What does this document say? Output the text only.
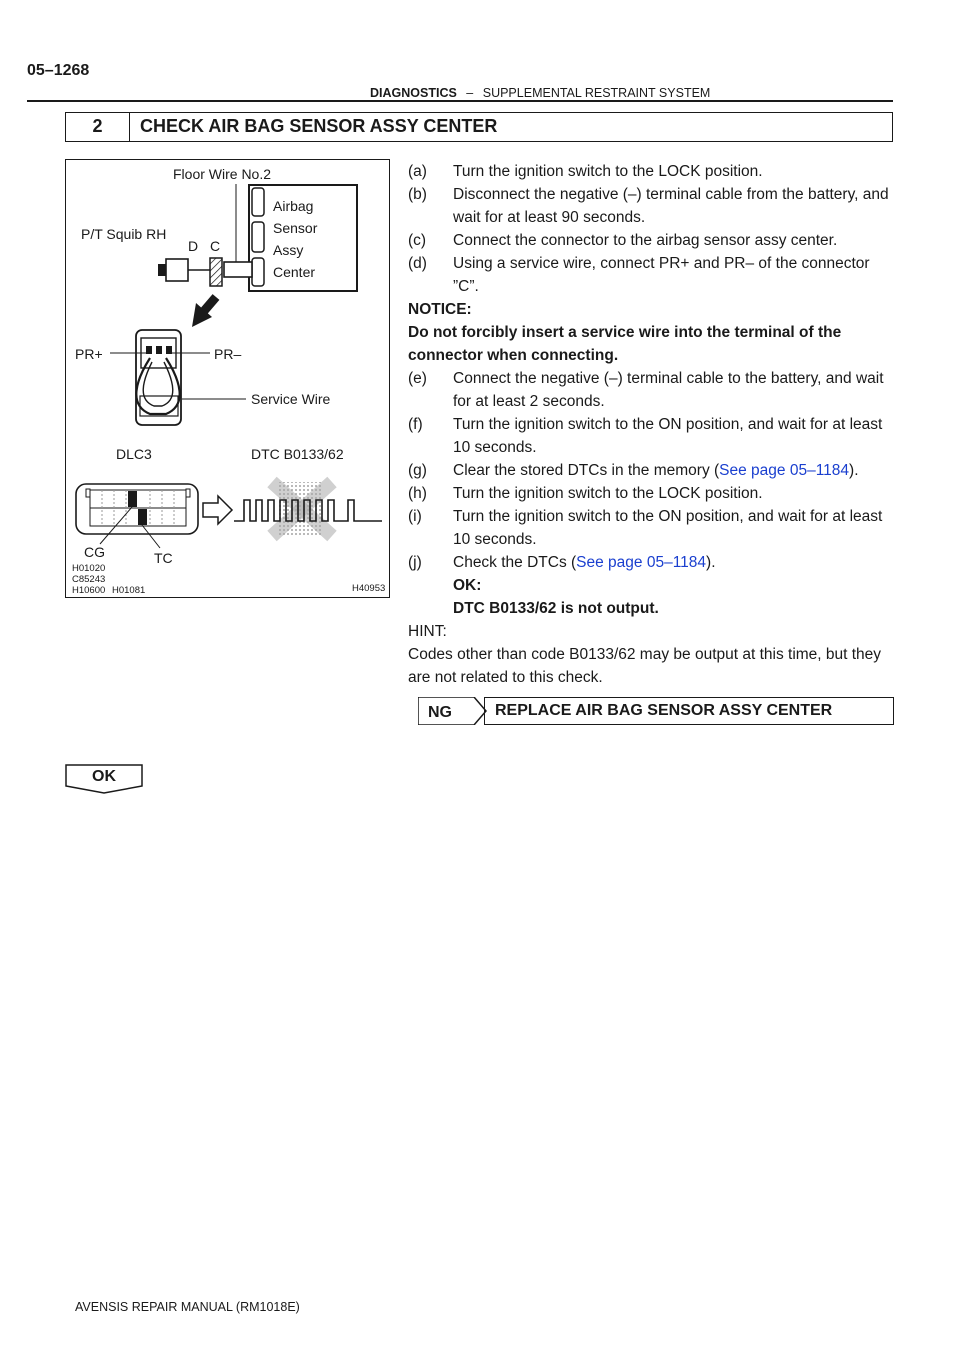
05–1268
DIAGNOSTICS – SUPPLEMENTAL RESTRAINT SYSTEM
2	CHECK AIR BAG SENSOR ASSY CENTER
Floor Wire No.2
Airbag
Sensor
Assy
Center
P/T Squib RH
D C
PR+	PR–
Service Wire
DLC3	DTC B0133/62
CG	TC
H01020
C85243
H10600 H01081	H40953
(a) Turn the ignition switch to the LOCK position.
(b) Disconnect the negative (–) terminal cable from the battery, and wait for at least 90 seconds.
(c) Connect the connector to the airbag sensor assy center.
(d) Using a service wire, connect PR+ and PR– of the connector ”C”.
NOTICE:
Do not forcibly insert a service wire into the terminal of the connector when connecting.
(e) Connect the negative (–) terminal cable to the battery, and wait for at least 2 seconds.
(f) Turn the ignition switch to the ON position, and wait for at least 10 seconds.
(g) Clear the stored DTCs in the memory (See page 05–1184).
(h) Turn the ignition switch to the LOCK position.
(i) Turn the ignition switch to the ON position, and wait for at least 10 seconds.
(j) Check the DTCs (See page 05–1184).
OK:
DTC B0133/62 is not output.
HINT:
Codes other than code B0133/62 may be output at this time, but they are not related to this check.
NG	REPLACE AIR BAG SENSOR ASSY CENTER
OK
AVENSIS REPAIR MANUAL (RM1018E)
